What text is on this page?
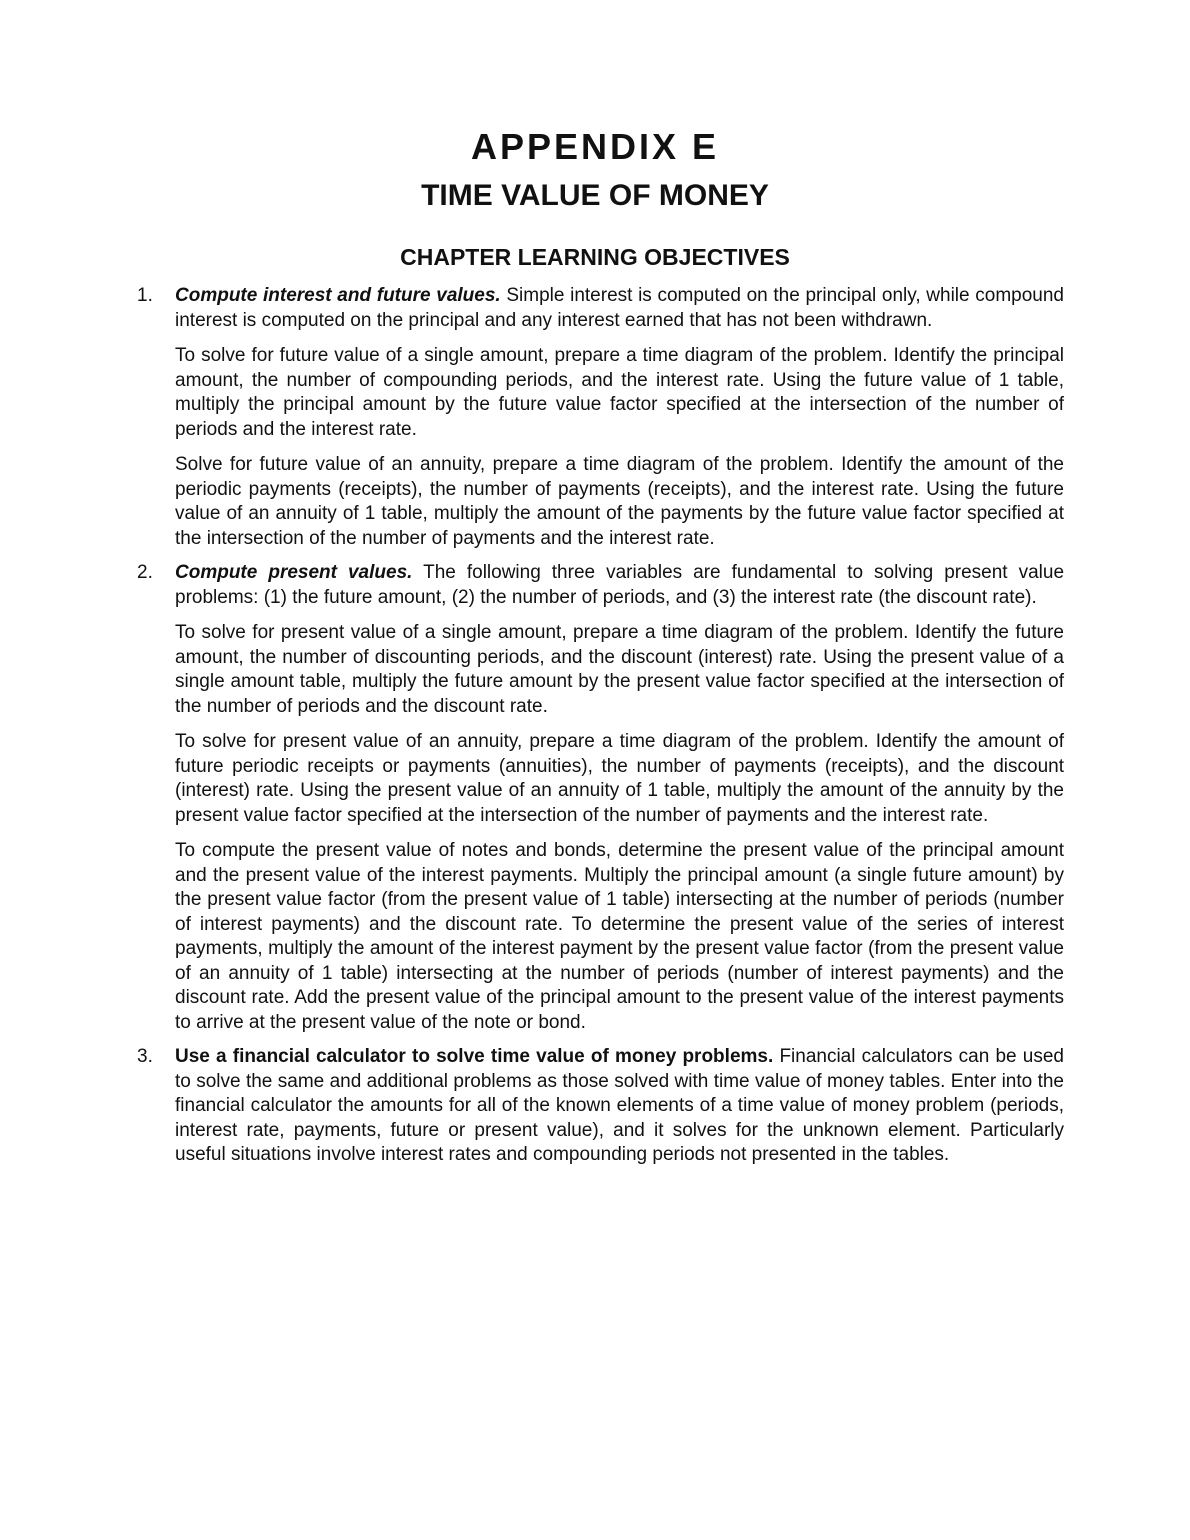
APPENDIX E
TIME VALUE OF MONEY
CHAPTER LEARNING OBJECTIVES
1. Compute interest and future values. Simple interest is computed on the principal only, while compound interest is computed on the principal and any interest earned that has not been withdrawn.

To solve for future value of a single amount, prepare a time diagram of the problem. Identify the principal amount, the number of compounding periods, and the interest rate. Using the future value of 1 table, multiply the principal amount by the future value factor specified at the intersection of the number of periods and the interest rate.

Solve for future value of an annuity, prepare a time diagram of the problem. Identify the amount of the periodic payments (receipts), the number of payments (receipts), and the interest rate. Using the future value of an annuity of 1 table, multiply the amount of the payments by the future value factor specified at the intersection of the number of payments and the interest rate.

2. Compute present values. The following three variables are fundamental to solving present value problems: (1) the future amount, (2) the number of periods, and (3) the interest rate (the discount rate).

To solve for present value of a single amount, prepare a time diagram of the problem. Identify the future amount, the number of discounting periods, and the discount (interest) rate. Using the present value of a single amount table, multiply the future amount by the present value factor specified at the intersection of the number of periods and the discount rate.

To solve for present value of an annuity, prepare a time diagram of the problem. Identify the amount of future periodic receipts or payments (annuities), the number of payments (receipts), and the discount (interest) rate. Using the present value of an annuity of 1 table, multiply the amount of the annuity by the present value factor specified at the intersection of the number of payments and the interest rate.

To compute the present value of notes and bonds, determine the present value of the principal amount and the present value of the interest payments. Multiply the principal amount (a single future amount) by the present value factor (from the present value of 1 table) intersecting at the number of periods (number of interest payments) and the discount rate. To determine the present value of the series of interest payments, multiply the amount of the interest payment by the present value factor (from the present value of an annuity of 1 table) intersecting at the number of periods (number of interest payments) and the discount rate. Add the present value of the principal amount to the present value of the interest payments to arrive at the present value of the note or bond.

3. Use a financial calculator to solve time value of money problems. Financial calculators can be used to solve the same and additional problems as those solved with time value of money tables. Enter into the financial calculator the amounts for all of the known elements of a time value of money problem (periods, interest rate, payments, future or present value), and it solves for the unknown element. Particularly useful situations involve interest rates and compounding periods not presented in the tables.
